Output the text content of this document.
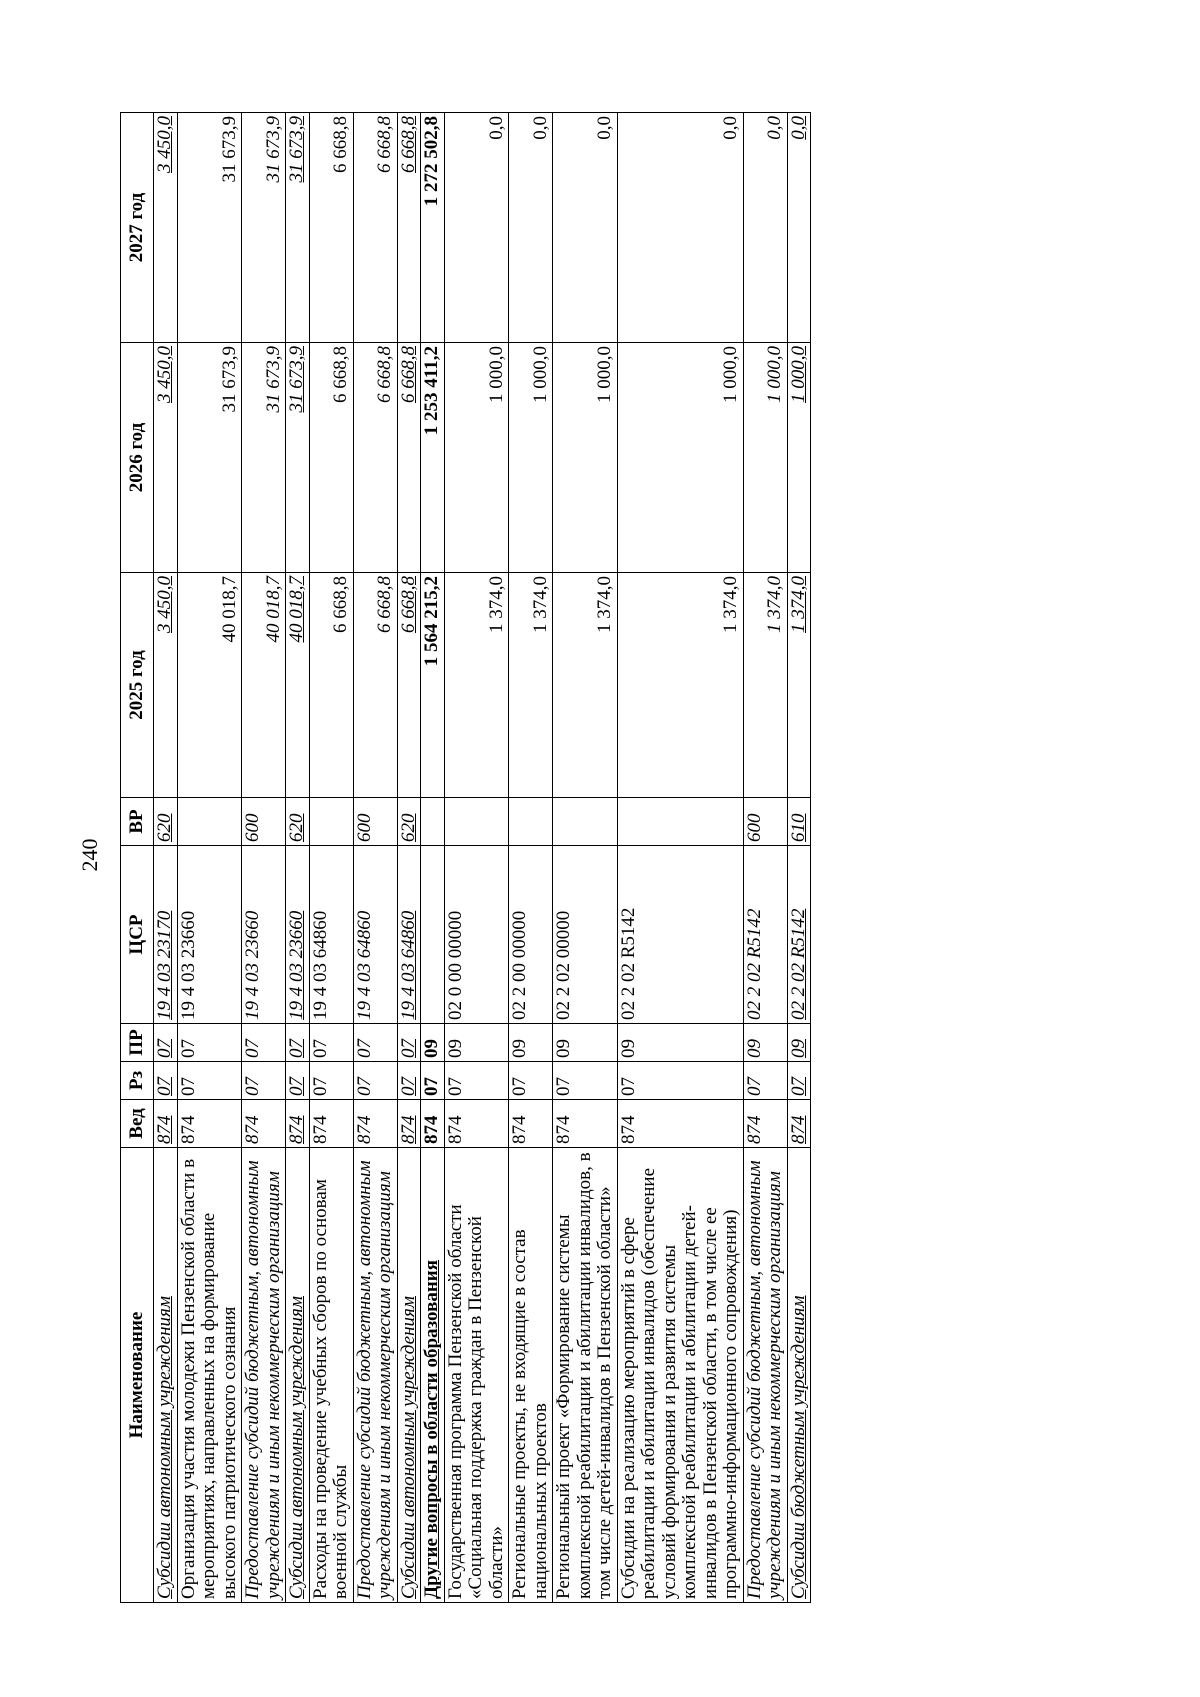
240
Наименование	Вед	Рз	ПР	ЦСР	ВР	2025 год	2026 год	2027 год
Субсидии автономным учреждениям	874	07	07	19 4 03 23170	620	3 450,0	3 450,0	3 450,0
Организация участия молодежи Пензенской области в мероприятиях, направленных на формирование высокого патриотического сознания	874	07	07	19 4 03 23660		40 018,7	31 673,9	31 673,9
Предоставление субсидий бюджетным, автономным учреждениям и иным некоммерческим организациям	874	07	07	19 4 03 23660	600	40 018,7	31 673,9	31 673,9
Субсидии автономным учреждениям	874	07	07	19 4 03 23660	620	40 018,7	31 673,9	31 673,9
Расходы на проведение учебных сборов по основам военной службы	874	07	07	19 4 03 64860		6 668,8	6 668,8	6 668,8
Предоставление субсидий бюджетным, автономным учреждениям и иным некоммерческим организациям	874	07	07	19 4 03 64860	600	6 668,8	6 668,8	6 668,8
Субсидии автономным учреждениям	874	07	07	19 4 03 64860	620	6 668,8	6 668,8	6 668,8
Другие вопросы в области образования	874	07	09			1 564 215,2	1 253 411,2	1 272 502,8
Государственная программа Пензенской области «Социальная поддержка граждан в Пензенской области»	874	07	09	02 0 00 00000		1 374,0	1 000,0	0,0
Региональные проекты, не входящие в состав национальных проектов	874	07	09	02 2 00 00000		1 374,0	1 000,0	0,0
Региональный проект «Формирование системы комплексной реабилитации и абилитации инвалидов, в том числе детей-инвалидов в Пензенской области»	874	07	09	02 2 02 00000		1 374,0	1 000,0	0,0
Субсидии на реализацию мероприятий в сфере реабилитации и абилитации инвалидов (обеспечение условий формирования и развития системы комплексной реабилитации и абилитации детей-инвалидов в Пензенской области, в том числе ее программно-информационного сопровождения)	874	07	09	02 2 02 R5142		1 374,0	1 000,0	0,0
Предоставление субсидий бюджетным, автономным учреждениям и иным некоммерческим организациям	874	07	09	02 2 02 R5142	600	1 374,0	1 000,0	0,0
Субсидии бюджетным учреждениям	874	07	09	02 2 02 R5142	610	1 374,0	1 000,0	0,0
